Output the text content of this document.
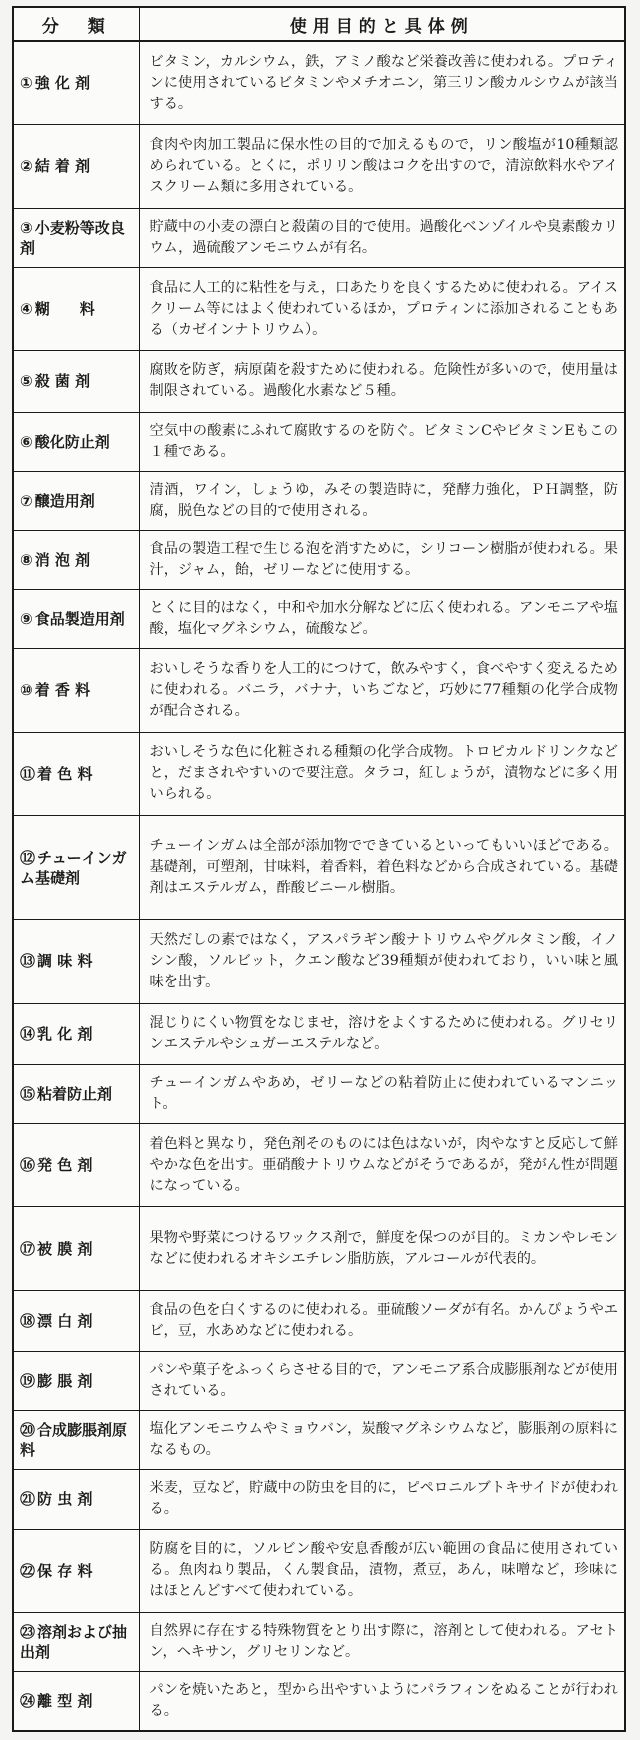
分　類	使用目的と具体例
① 強 化 剤	ビタミン，カルシウム，鉄，アミノ酸など栄養改善に使われる。プロティンに使用されているビタミンやメチオニン，第三リン酸カルシウムが該当する。
② 結 着 剤	食肉や肉加工製品に保水性の目的で加えるもので，リン酸塩が10種類認められている。とくに，ポリリン酸はコクを出すので，清涼飲料水やアイスクリーム類に多用されている。
③ 小麦粉等改良剤	貯蔵中の小麦の漂白と殺菌の目的で使用。過酸化ベンゾイルや臭素酸カリウム，過硫酸アンモニウムが有名。
④ 糊　　料	食品に人工的に粘性を与え，口あたりを良くするために使われる。アイスクリーム等にはよく使われているほか，プロティンに添加されることもある（カゼインナトリウム）。
⑤ 殺 菌 剤	腐敗を防ぎ，病原菌を殺すために使われる。危険性が多いので，使用量は制限されている。過酸化水素など５種。
⑥ 酸化防止剤	空気中の酸素にふれて腐敗するのを防ぐ。ビタミンCやビタミンEもこの１種である。
⑦ 醸造用剤	清酒，ワイン，しょうゆ，みその製造時に，発酵力強化，ＰＨ調整，防腐，脱色などの目的で使用される。
⑧ 消 泡 剤	食品の製造工程で生じる泡を消すために，シリコーン樹脂が使われる。果汁，ジャム，飴，ゼリーなどに使用する。
⑨ 食品製造用剤	とくに目的はなく，中和や加水分解などに広く使われる。アンモニアや塩酸，塩化マグネシウム，硫酸など。
⑩ 着 香 料	おいしそうな香りを人工的につけて，飲みやすく，食べやすく変えるために使われる。バニラ，バナナ，いちごなど，巧妙に77種類の化学合成物が配合される。
⑪ 着 色 料	おいしそうな色に化粧される種類の化学合成物。トロピカルドリンクなどと，だまされやすいので要注意。タラコ，紅しょうが，漬物などに多く用いられる。
⑫ チューインガム基礎剤	チューインガムは全部が添加物でできているといってもいいほどである。基礎剤，可塑剤，甘味料，着香料，着色料などから合成されている。基礎剤はエステルガム，酢酸ビニール樹脂。
⑬ 調 味 料	天然だしの素ではなく，アスパラギン酸ナトリウムやグルタミン酸，イノシン酸，ソルビット，クエン酸など39種類が使われており，いい味と風味を出す。
⑭ 乳 化 剤	混じりにくい物質をなじませ，溶けをよくするために使われる。グリセリンエステルやシュガーエステルなど。
⑮ 粘着防止剤	チューインガムやあめ，ゼリーなどの粘着防止に使われているマンニット。
⑯ 発 色 剤	着色料と異なり，発色剤そのものには色はないが，肉やなすと反応して鮮やかな色を出す。亜硝酸ナトリウムなどがそうであるが，発がん性が問題になっている。
⑰ 被 膜 剤	果物や野菜につけるワックス剤で，鮮度を保つのが目的。ミカンやレモンなどに使われるオキシエチレン脂肪族，アルコールが代表的。
⑱ 漂 白 剤	食品の色を白くするのに使われる。亜硫酸ソーダが有名。かんぴょうやエビ，豆，水あめなどに使われる。
⑲ 膨 脹 剤	パンや菓子をふっくらさせる目的で，アンモニア系合成膨脹剤などが使用されている。
⑳ 合成膨脹剤原料	塩化アンモニウムやミョウバン，炭酸マグネシウムなど，膨脹剤の原料になるもの。
㉑ 防 虫 剤	米麦，豆など，貯蔵中の防虫を目的に，ピペロニルブトキサイドが使われる。
㉒ 保 存 料	防腐を目的に，ソルビン酸や安息香酸が広い範囲の食品に使用されている。魚肉ねり製品，くん製食品，漬物，煮豆，あん，味噌など，珍味にはほとんどすべて使われている。
㉓ 溶剤および抽出剤	自然界に存在する特殊物質をとり出す際に，溶剤として使われる。アセトン，ヘキサン，グリセリンなど。
㉔ 離 型 剤	パンを焼いたあと，型から出やすいようにパラフィンをぬることが行われる。
